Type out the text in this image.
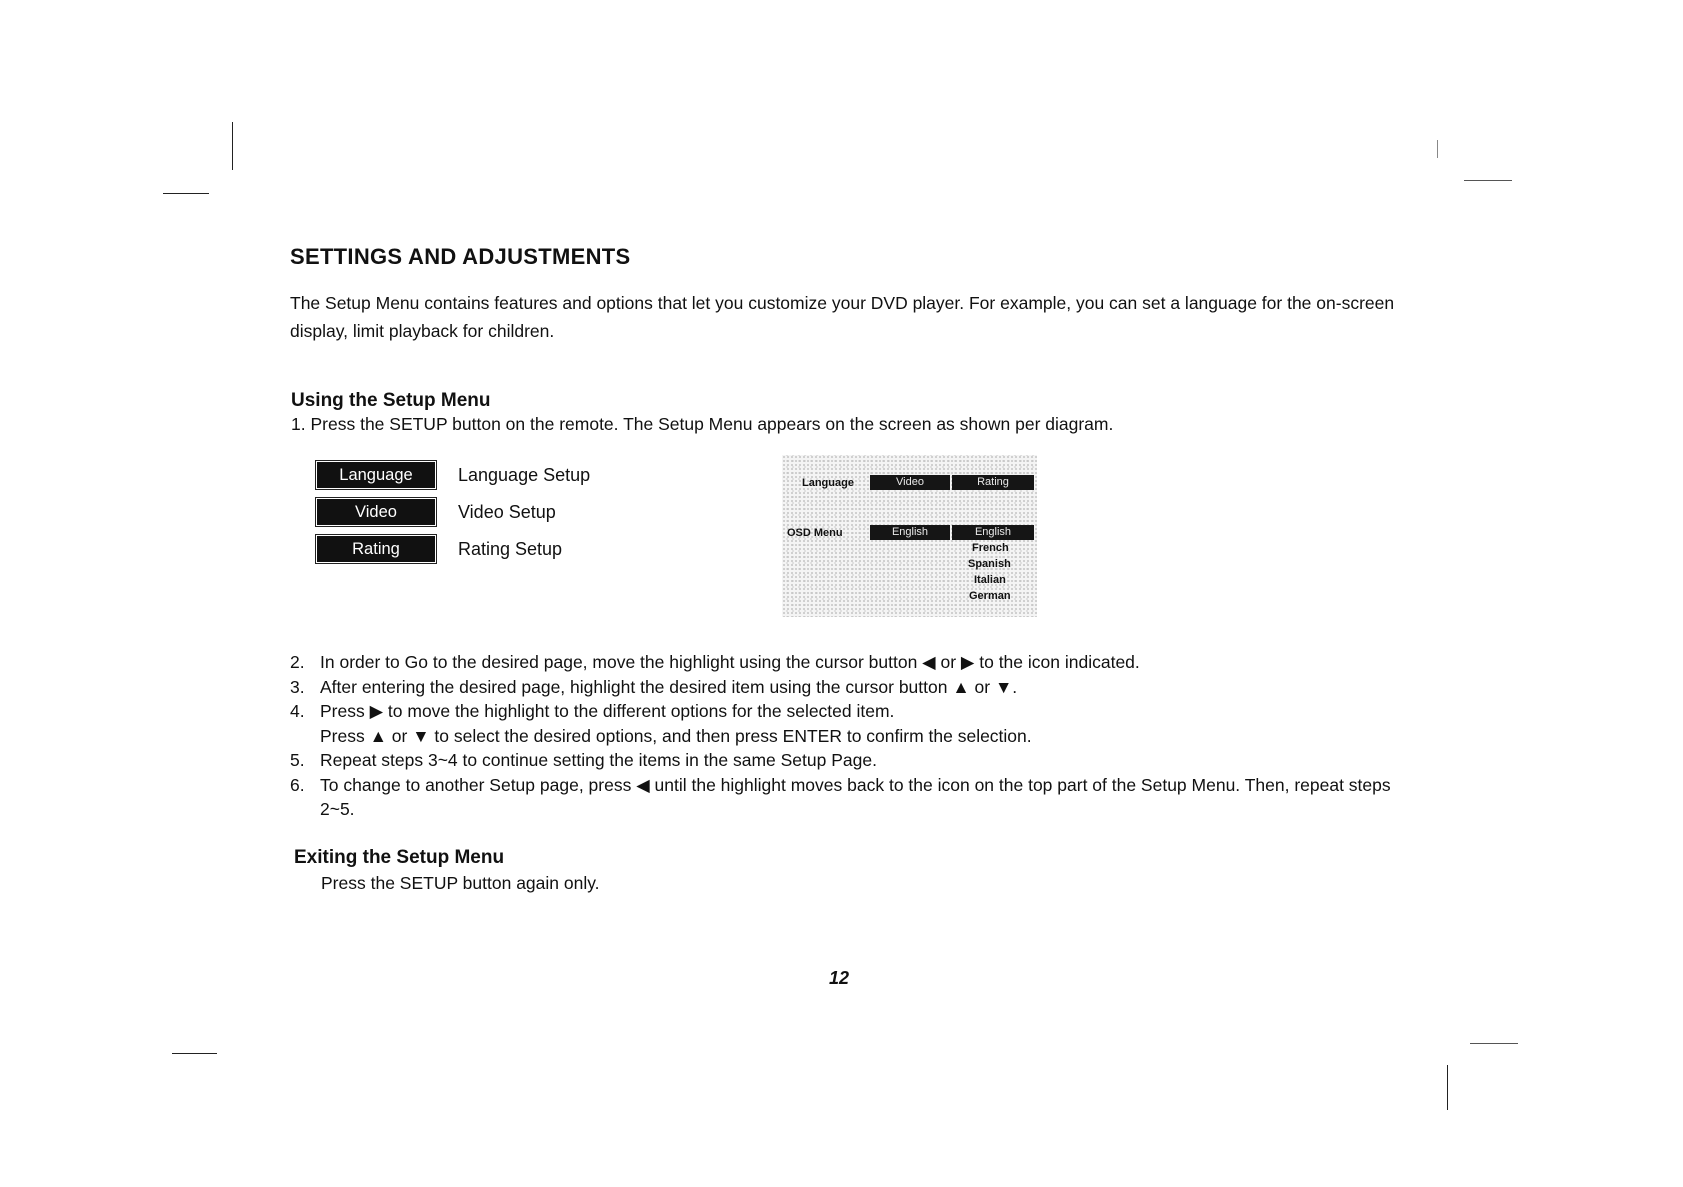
SETTINGS AND ADJUSTMENTS
The Setup Menu contains features and options that let you customize your DVD player. For example, you can set a language for the on-screen display, limit playback for children.
Using the Setup Menu
1. Press the SETUP button on the remote. The Setup Menu appears on the screen as shown per diagram.
Language	Language Setup
Video	Video Setup
Rating	Rating Setup
Language	Video	Rating
OSD Menu	English	English
French
Spanish
Italian
German
2. In order to Go to the desired page, move the highlight using the cursor button ◀ or ▶ to the icon indicated.
3. After entering the desired page, highlight the desired item using the cursor button ▲ or ▼.
4. Press ▶ to move the highlight to the different options for the selected item.
Press ▲ or ▼ to select the desired options, and then press ENTER to confirm the selection.
5. Repeat steps 3~4 to continue setting the items in the same Setup Page.
6. To change to another Setup page, press ◀ until the highlight moves back to the icon on the top part of the Setup Menu. Then, repeat steps 2~5.
Exiting the Setup Menu
Press the SETUP button again only.
12
